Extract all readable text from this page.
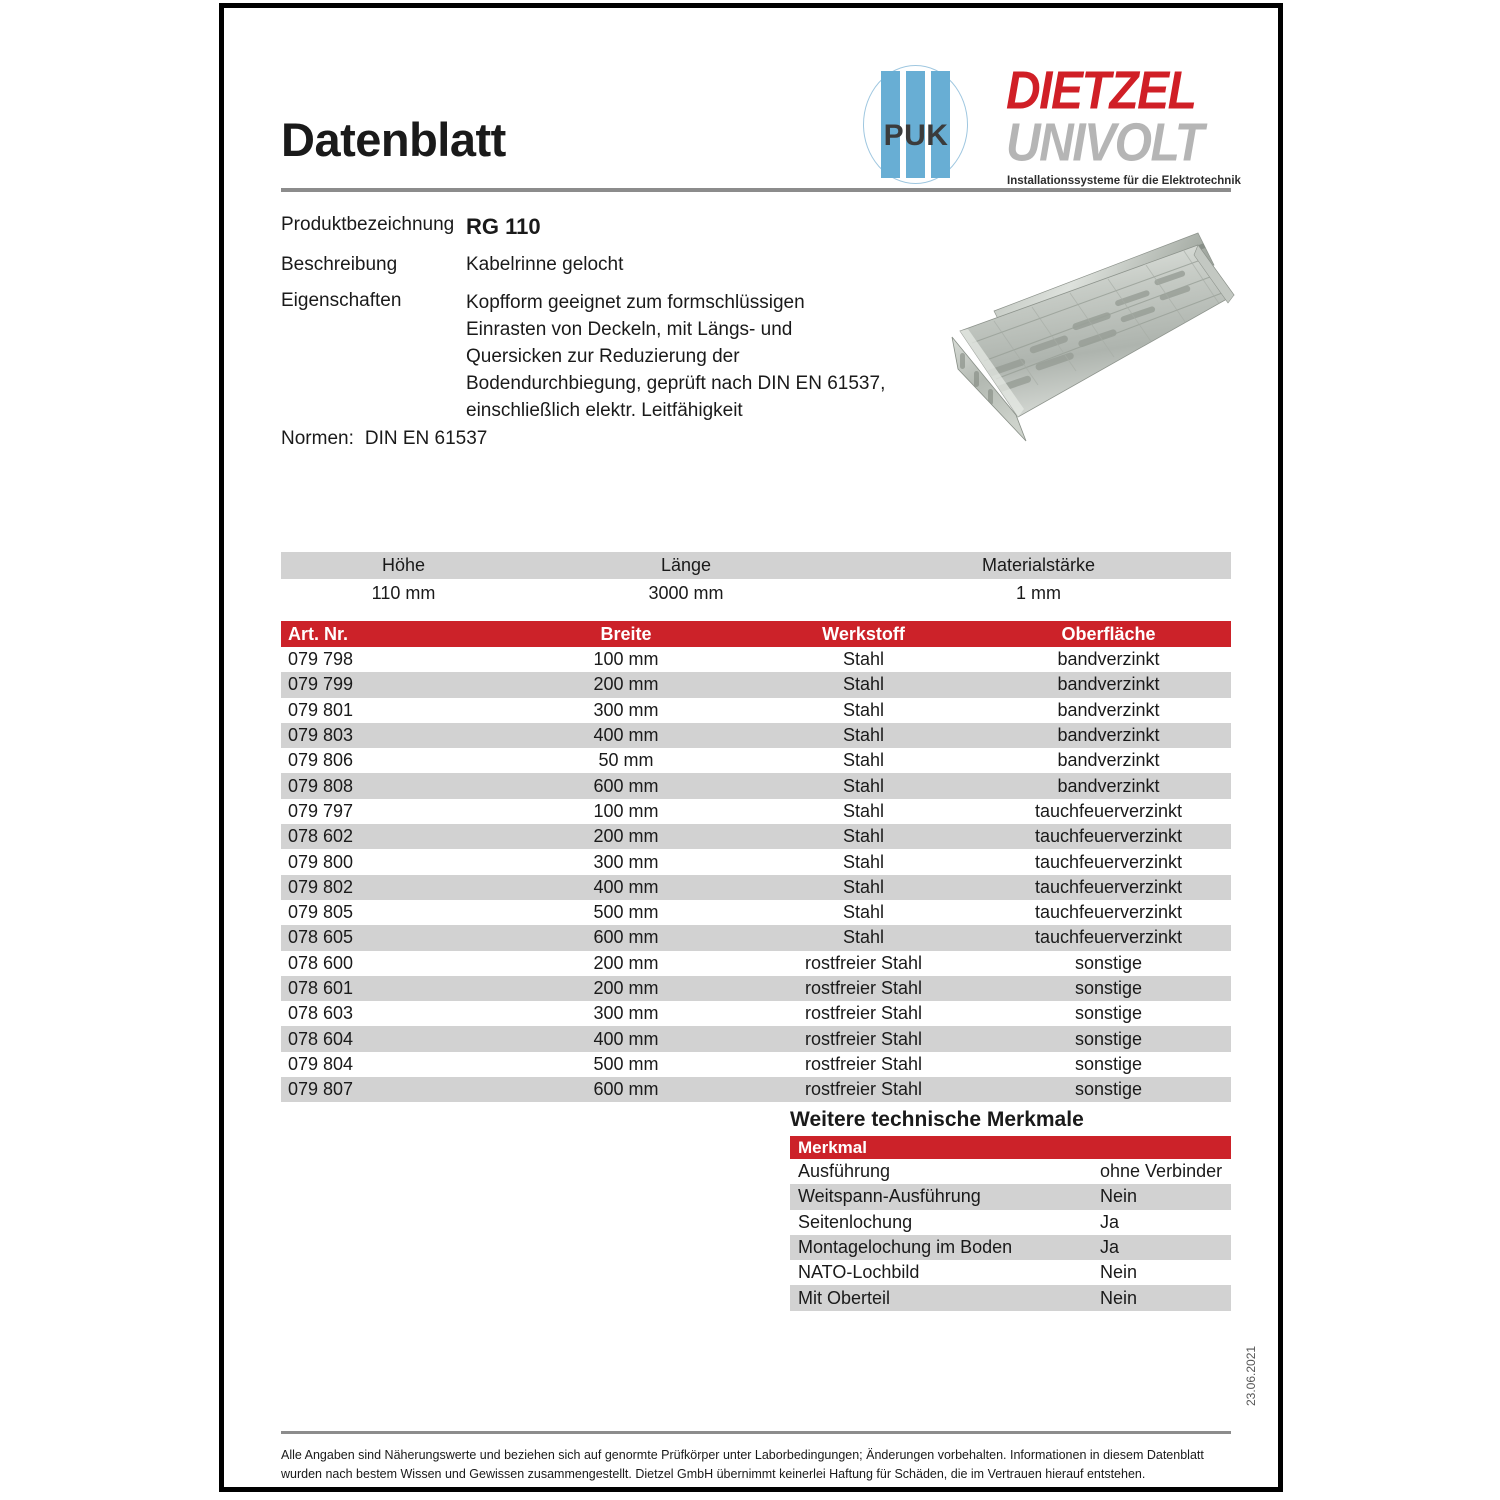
Datenblatt	PUK
DIETZEL
UNIVOLT
Installationssysteme für die Elektrotechnik
Produktbezeichnung RG 110
Beschreibung	Kabelrinne gelocht
Eigenschaften	Kopfform geeignet zum formschlüssigen Einrasten von Deckeln, mit Längs- und Quersicken zur Reduzierung der Bodendurchbiegung, geprüft nach DIN EN 61537, einschließlich elektr. Leitfähigkeit
Normen: DIN EN 61537
Höhe	Länge	Materialstärke
110 mm	3000 mm	1 mm
Art. Nr.	Breite	Werkstoff	Oberfläche
079 798	100 mm	Stahl	bandverzinkt
079 799	200 mm	Stahl	bandverzinkt
079 801	300 mm	Stahl	bandverzinkt
079 803	400 mm	Stahl	bandverzinkt
079 806	50 mm	Stahl	bandverzinkt
079 808	600 mm	Stahl	bandverzinkt
079 797	100 mm	Stahl	tauchfeuerverzinkt
078 602	200 mm	Stahl	tauchfeuerverzinkt
079 800	300 mm	Stahl	tauchfeuerverzinkt
079 802	400 mm	Stahl	tauchfeuerverzinkt
079 805	500 mm	Stahl	tauchfeuerverzinkt
078 605	600 mm	Stahl	tauchfeuerverzinkt
078 600	200 mm	rostfreier Stahl	sonstige
078 601	200 mm	rostfreier Stahl	sonstige
078 603	300 mm	rostfreier Stahl	sonstige
078 604	400 mm	rostfreier Stahl	sonstige
079 804	500 mm	rostfreier Stahl	sonstige
079 807	600 mm	rostfreier Stahl	sonstige
Weitere technische Merkmale
Merkmal
Ausführung	ohne Verbinder
Weitspann-Ausführung	Nein
Seitenlochung	Ja
Montagelochung im Boden	Ja
NATO-Lochbild	Nein
Mit Oberteil	Nein
Alle Angaben sind Näherungswerte und beziehen sich auf genormte Prüfkörper unter Laborbedingungen; Änderungen vorbehalten. Informationen in diesem Datenblatt wurden nach bestem Wissen und Gewissen zusammengestellt. Dietzel GmbH übernimmt keinerlei Haftung für Schäden, die im Vertrauen hierauf entstehen.
23.06.2021
